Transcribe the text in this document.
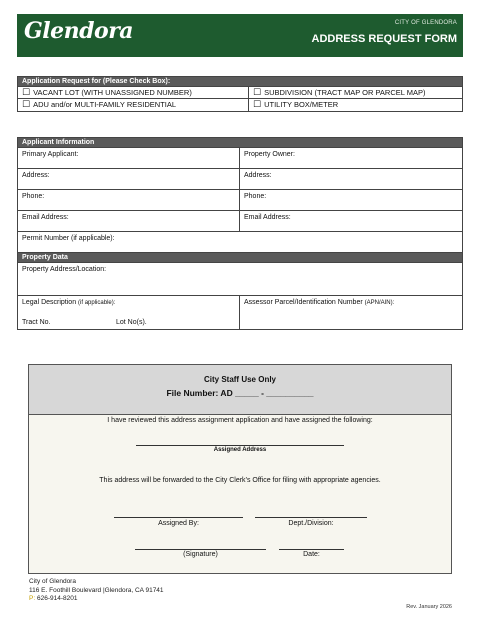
Glendora	CITY OF GLENDORA
ADDRESS REQUEST FORM
Application Request for (Please Check Box):
☐ VACANT LOT (WITH UNASSIGNED NUMBER)	☐ SUBDIVISION (TRACT MAP OR PARCEL MAP)
☐ ADU and/or MULTI-FAMILY RESIDENTIAL	☐ UTILITY BOX/METER
Applicant Information
Primary Applicant:	Property Owner:
Address:	Address:
Phone:	Phone:
Email Address:	Email Address:
Permit Number (if applicable):
Property Data
Property Address/Location:
Legal Description (if applicable):
Tract No.	Lot No(s).
Assessor Parcel/Identification Number (APN/AIN):
City Staff Use Only
File Number: AD _____ - __________
I have reviewed this address assignment application and have assigned the following:
Assigned Address
This address will be forwarded to the City Clerk’s Office for filing with appropriate agencies.
Assigned By:	Dept./Division:
(Signature)	Date:
City of Glendora
116 E. Foothill Boulevard |Glendora, CA 91741
P: 626-914-8201
Rev. January 2026
